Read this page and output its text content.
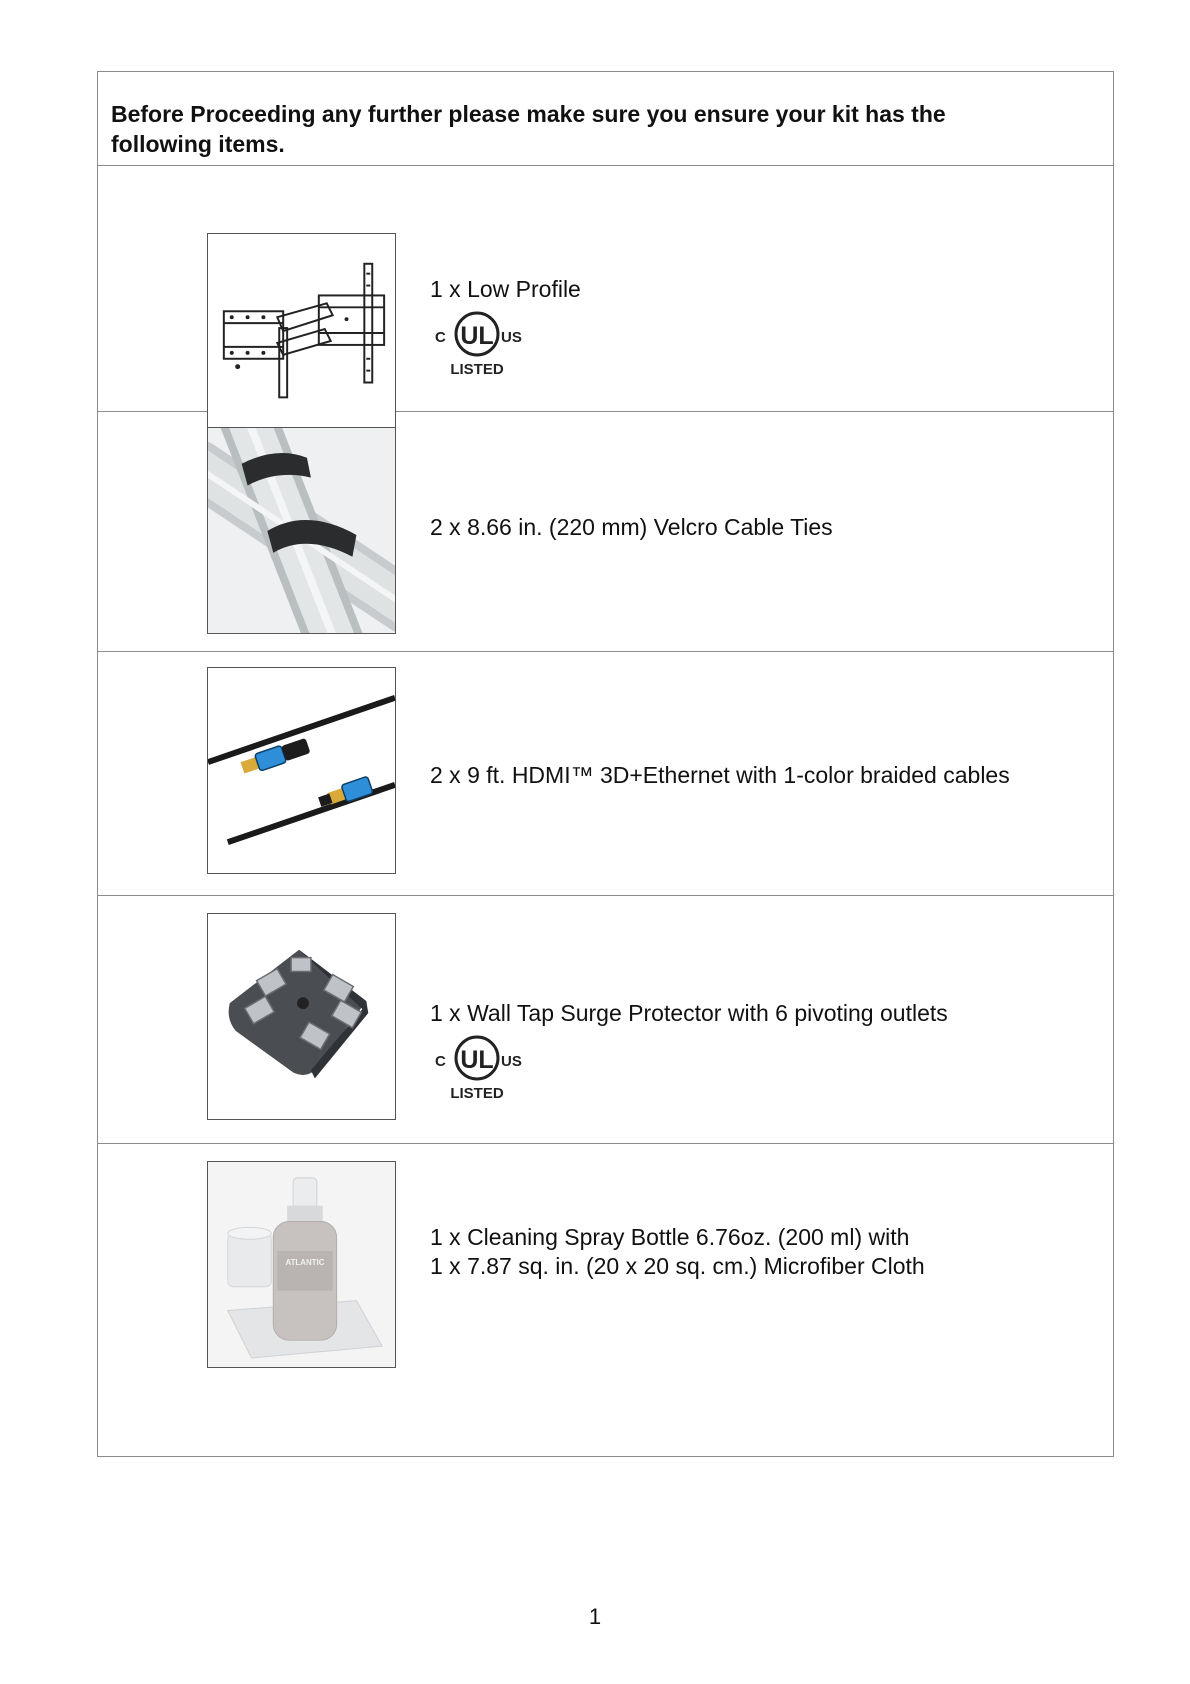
Before Proceeding any further please make sure you ensure your kit has the following items.

1 x Low Profile
UL
C	US
LISTED
2 x 8.66 in. (220 mm) Velcro Cable Ties
2 x 9 ft. HDMI™ 3D+Ethernet with 1-color braided cables
1 x Wall Tap Surge Protector with 6 pivoting outlets
UL
C	US
LISTED
ATLANTIC
1 x Cleaning Spray Bottle 6.76oz. (200 ml) with
1 x 7.87 sq. in. (20 x 20 sq. cm.) Microfiber Cloth
1
